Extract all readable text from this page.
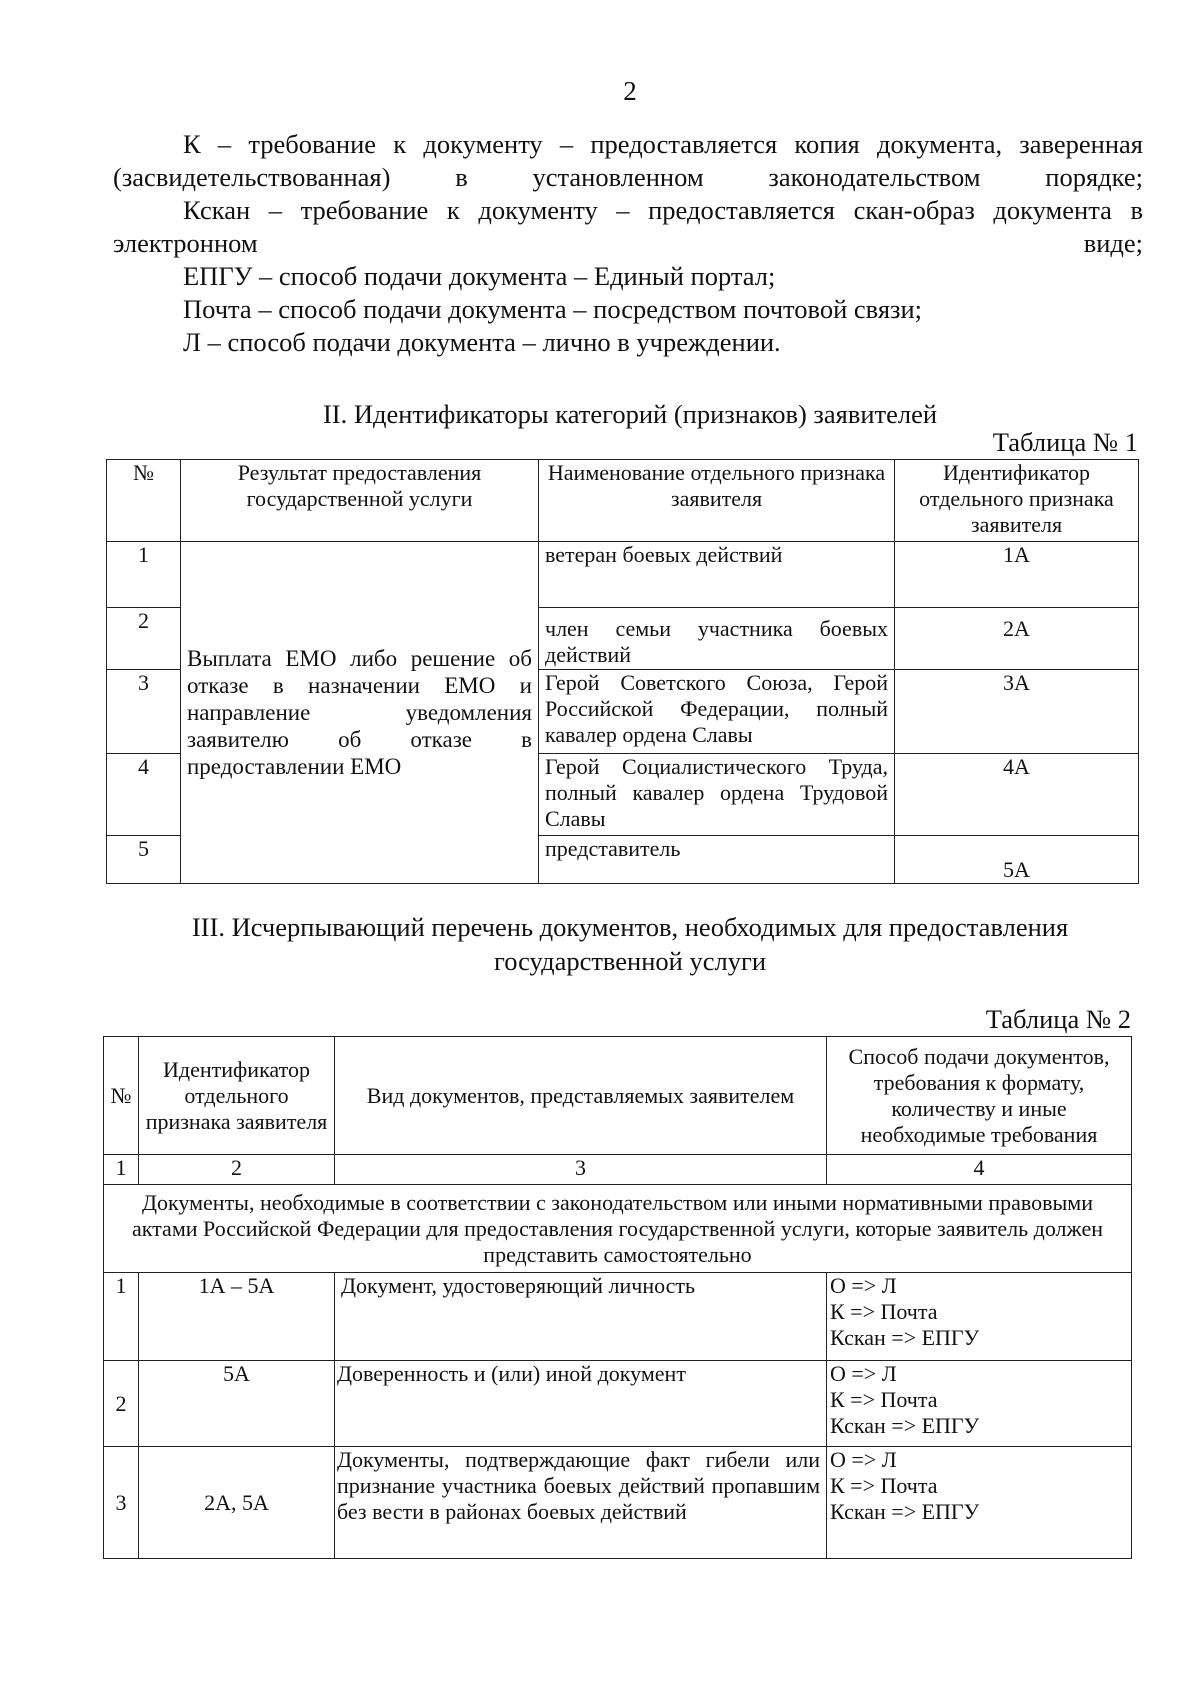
2

К – требование к документу – предоставляется копия документа, заверенная (засвидетельствованная) в установленном законодательством порядке;

Кскан – требование к документу – предоставляется скан-образ документа в электронном виде;

ЕПГУ – способ подачи документа – Единый портал;

Почта – способ подачи документа – посредством почтовой связи;

Л – способ подачи документа – лично в учреждении.

II. Идентификаторы категорий (признаков) заявителей
Таблица № 1
№	Результат предоставления государственной услуги	Наименование отдельного признака заявителя	Идентификатор отдельного признака заявителя
1	Выплата ЕМО либо решение об отказе в назначении ЕМО и направление уведомления заявителю об отказе в предоставлении ЕМО	ветеран боевых действий	1А
2		член семьи участника боевых действий	2А
3		Герой Советского Союза, Герой Российской Федерации, полный кавалер ордена Славы	3А
4		Герой Социалистического Труда, полный кавалер ордена Трудовой Славы	4А
5		представитель	5А
III. Исчерпывающий перечень документов, необходимых для предоставления
государственной услуги
Таблица № 2
№	Идентификатор отдельного признака заявителя	Вид документов, представляемых заявителем	Способ подачи документов, требования к формату, количеству и иные необходимые требования
1	2	3	4
Документы, необходимые в соответствии с законодательством или иными нормативными правовыми актами Российской Федерации для предоставления государственной услуги, которые заявитель должен представить самостоятельно			
1	1А – 5А	Документ, удостоверяющий личность	О => Л
К => Почта
Кскан => ЕПГУ
2	5А	Доверенность и (или) иной документ	О => Л
К => Почта
Кскан => ЕПГУ
3	2А, 5А	Документы, подтверждающие факт гибели или признание участника боевых действий пропавшим без вести в районах боевых действий	О => Л
К => Почта
Кскан => ЕПГУ
